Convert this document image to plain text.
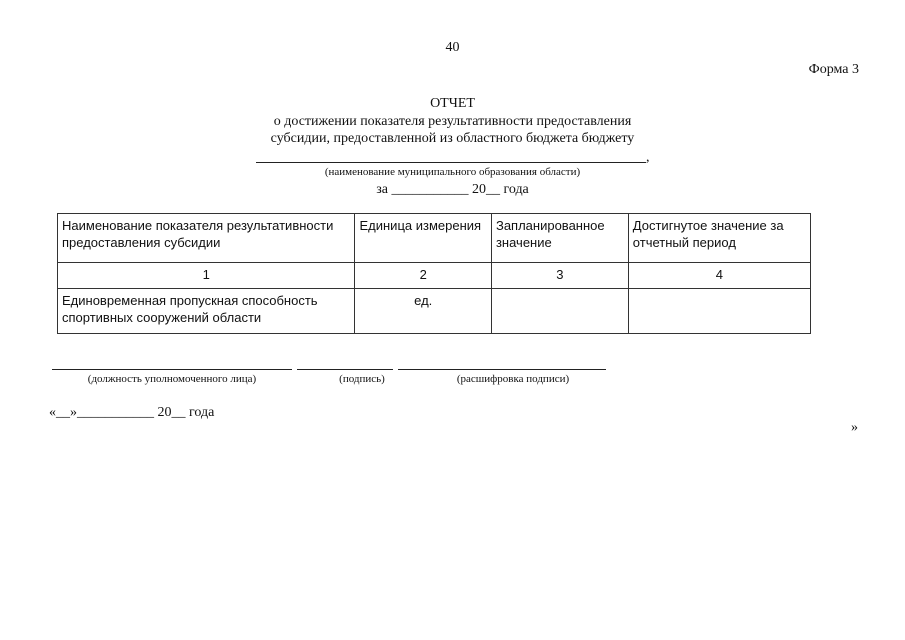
40
Форма 3
ОТЧЕТ
о достижении показателя результативности предоставления
субсидии, предоставленной из областного бюджета бюджету
,
(наименование муниципального образования области)
за ___________ 20__ года
Наименование показателя результативности предоставления субсидии	Единица измерения	Запланированное значение	Достигнутое значение за отчетный период
1	2	3	4
Единовременная пропускная способность спортивных сооружений области	ед.		
(должность уполномоченного лица)	(подпись)	(расшифровка подписи)
«__»___________ 20__ года
»
